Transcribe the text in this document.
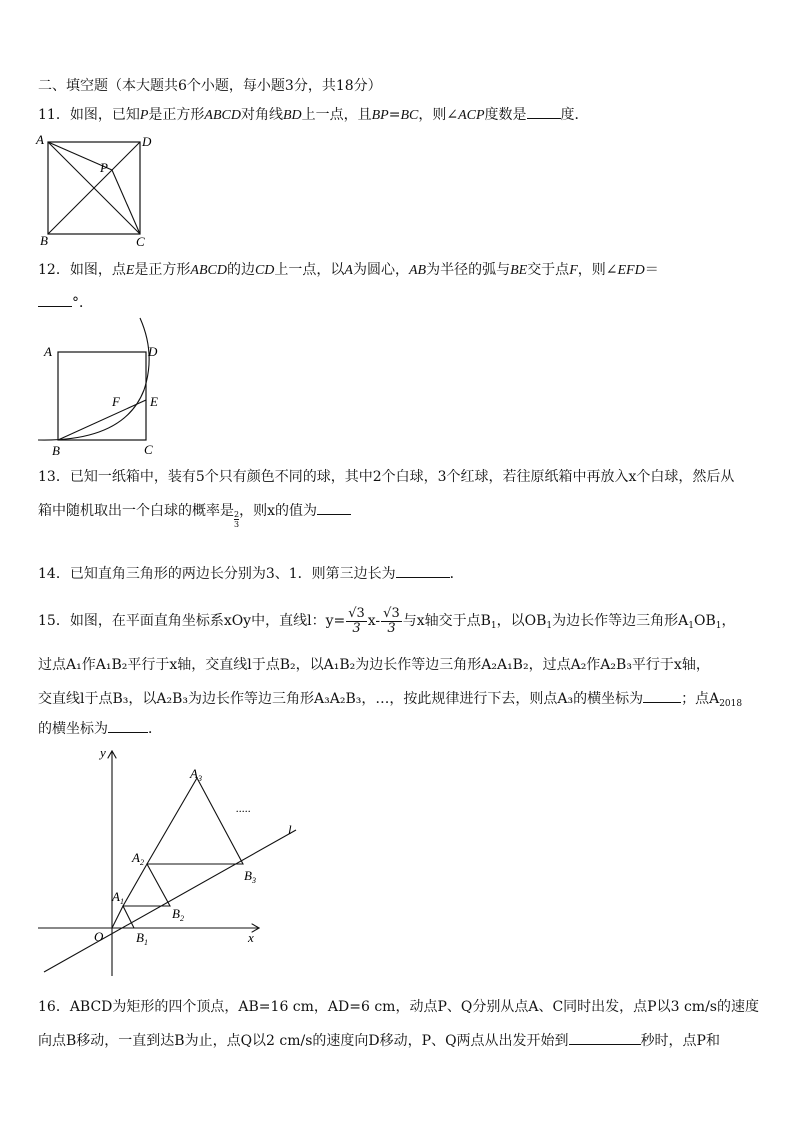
二、填空题（本大题共6个小题，每小题3分，共18分）
11．如图，已知P是正方形ABCD对角线BD上一点，且BP=BC，则∠ACP度数是 度．
A	D
P
B	C
12．如图，点E是正方形ABCD的边CD上一点，以A为圆心，AB为半径的弧与BE交于点F，则∠EFD＝
°．
A	D
F E
B	C
13．已知一纸箱中，装有5个只有颜色不同的球，其中2个白球，3个红球，若往原纸箱中再放入x个白球，然后从
箱中随机取出一个白球的概率是 $\frac{2}{3}$ ，则x的值为
14．已知直角三角形的两边长分别为3、1．则第三边长为	．
15．如图，在平面直角坐标系xOy中，直线l：$y= \frac{√3}{3} x- \frac{√3}{3}$ 与x轴交于点$B_1$，以$OB_1$为边长作等边三角形$A_1OB_1$，
过点A₁作A₁B₂平行于x轴，交直线l于点B₂，以A₁B₂为边长作等边三角形A₂A₁B₂，过点A₂作A₂B₃平行于x轴，
交直线l于点B₃，以A₂B₃为边长作等边三角形A₃A₂B₃，…，按此规律进行下去，则点A₃的横坐标为	；点$A_{2018}$
的横坐标为	．
y
x
O
l
.....
$A_1$
$A_2$
$A_3$
$B_1$
$B_2$
$B_3$
16．ABCD为矩形的四个顶点，AB=16 cm，AD=6 cm，动点P、Q分别从点A、C同时出发，点P以3 cm/s的速度
向点B移动，一直到达B为止，点Q以2 cm/s的速度向D移动，P、Q两点从出发开始到	秒时，点P和
